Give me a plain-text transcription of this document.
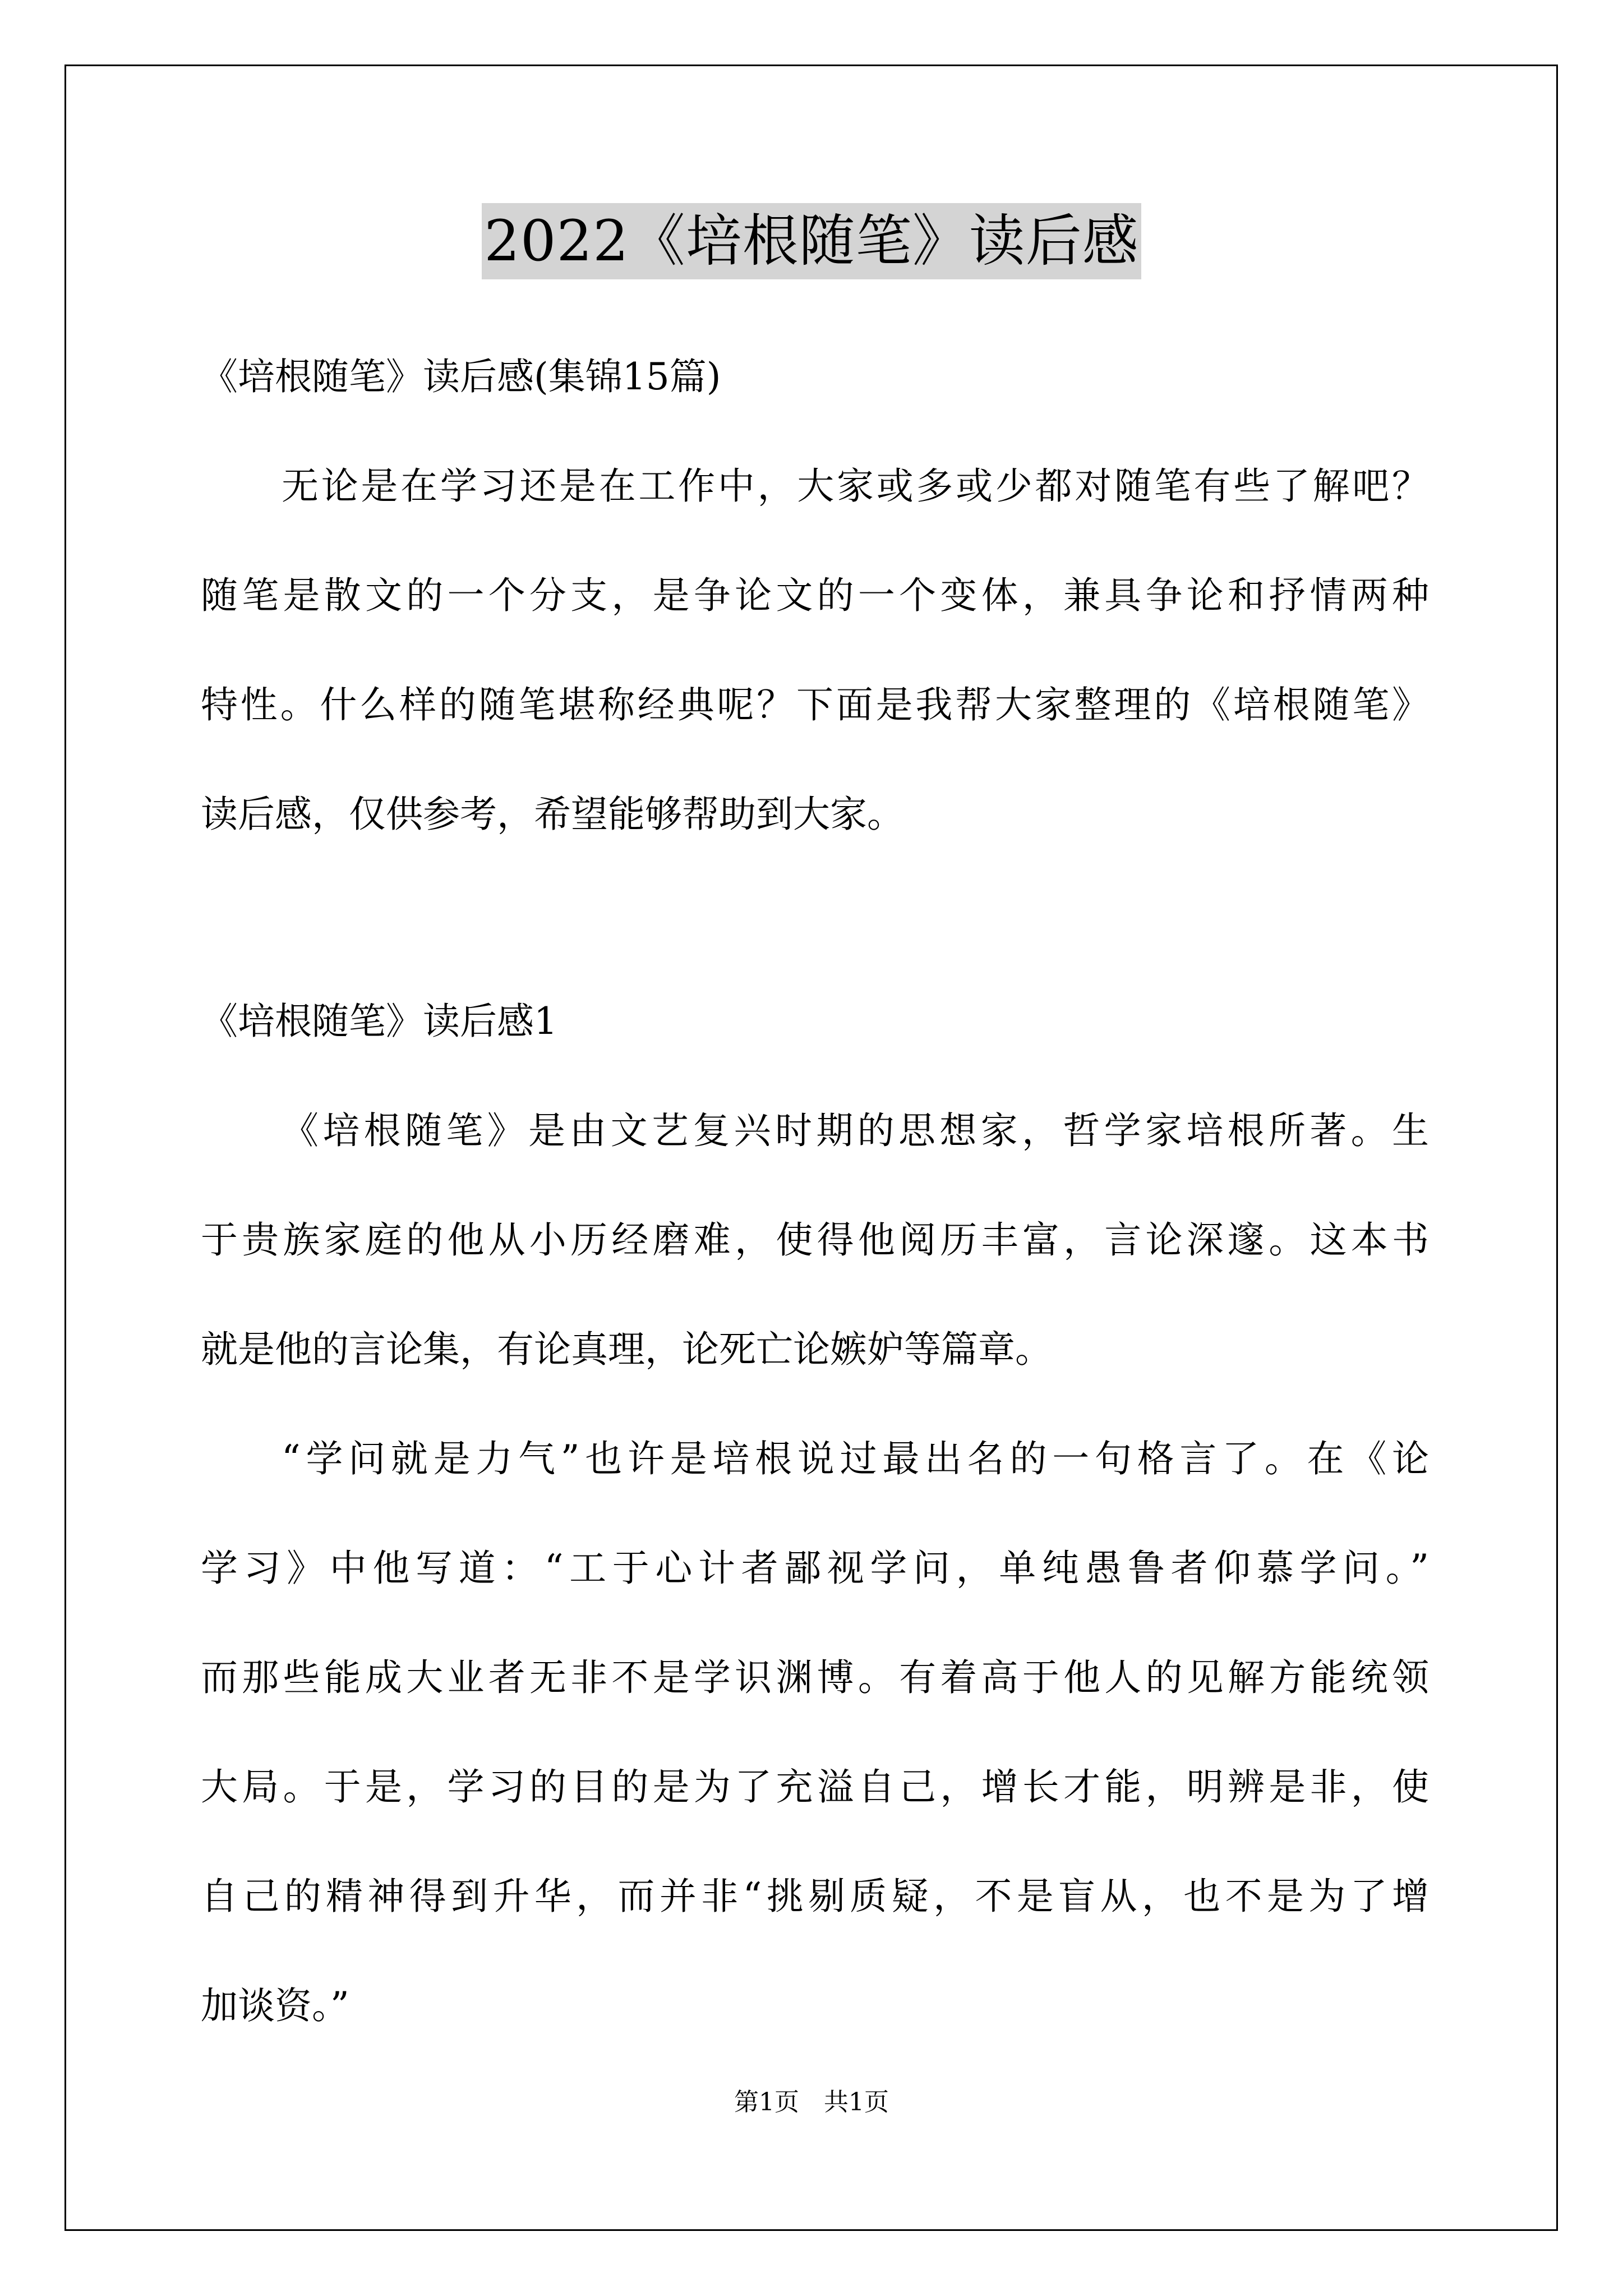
2022《培根随笔》读后感
《培根随笔》读后感(集锦15篇)
无论是在学习还是在工作中，大家或多或少都对随笔有些了解吧？
随笔是散文的一个分支，是争论文的一个变体，兼具争论和抒情两种
特性。什么样的随笔堪称经典呢？下面是我帮大家整理的《培根随笔》
读后感，仅供参考，希望能够帮助到大家。
《培根随笔》读后感1
《培根随笔》是由文艺复兴时期的思想家，哲学家培根所著。生
于贵族家庭的他从小历经磨难，使得他阅历丰富，言论深邃。这本书
就是他的言论集，有论真理，论死亡论嫉妒等篇章。
“学问就是力气”也许是培根说过最出名的一句格言了。在《论
学习》中他写道：“工于心计者鄙视学问，单纯愚鲁者仰慕学问。”
而那些能成大业者无非不是学识渊博。有着高于他人的见解方能统领
大局。于是，学习的目的是为了充溢自己，增长才能，明辨是非，使
自己的精神得到升华，而并非“挑剔质疑，不是盲从，也不是为了增
加谈资。”
第1页　共1页
